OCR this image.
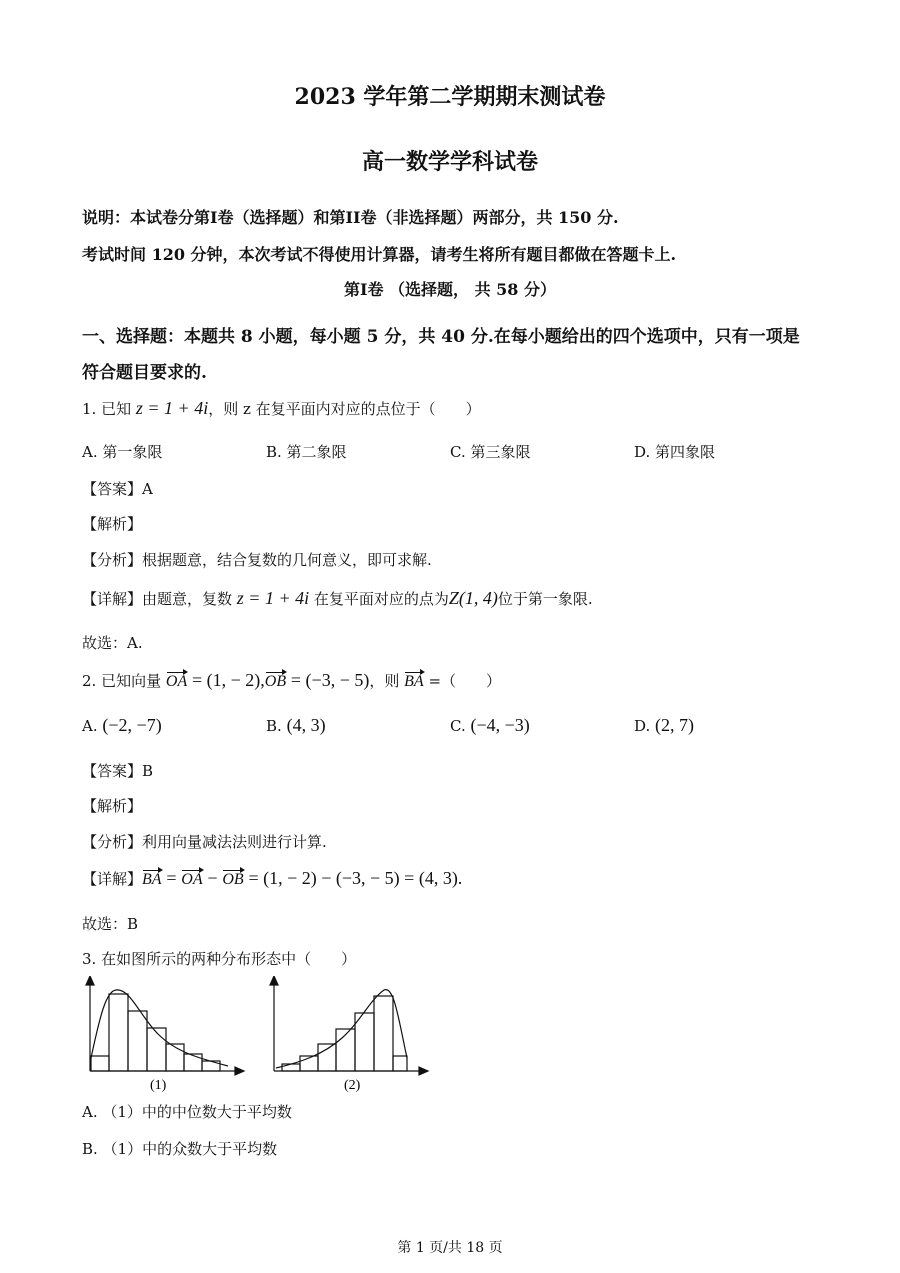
2023 学年第二学期期末测试卷
高一数学学科试卷
说明：本试卷分第I卷（选择题）和第II卷（非选择题）两部分，共 150 分.
考试时间 120 分钟，本次考试不得使用计算器，请考生将所有题目都做在答题卡上.
第I卷 （选择题， 共 58 分）
一、选择题：本题共 8 小题，每小题 5 分，共 40 分.在每小题给出的四个选项中，只有一项是
符合题目要求的.
1. 已知 z = 1 + 4i，则 z 在复平面内对应的点位于（　　）
A. 第一象限	B. 第二象限	C. 第三象限	D. 第四象限
【答案】A
【解析】
【分析】根据题意，结合复数的几何意义，即可求解.
【详解】由题意，复数 z = 1 + 4i 在复平面对应的点为Z(1, 4)位于第一象限.
故选：A.
2. 已知向量 OA = (1, − 2),OB = (−3, − 5)，则 BA =（　　）
A. (−2, −7)	B. (4, 3)	C. (−4, −3)	D. (2, 7)
【答案】B
【解析】
【分析】利用向量减法法则进行计算.
【详解】BA = OA − OB = (1, − 2) − (−3, − 5) = (4, 3).
故选：B
3. 在如图所示的两种分布形态中（　　）
(1)	(2)
A. （1）中的中位数大于平均数
B. （1）中的众数大于平均数
第 1 页/共 18 页
